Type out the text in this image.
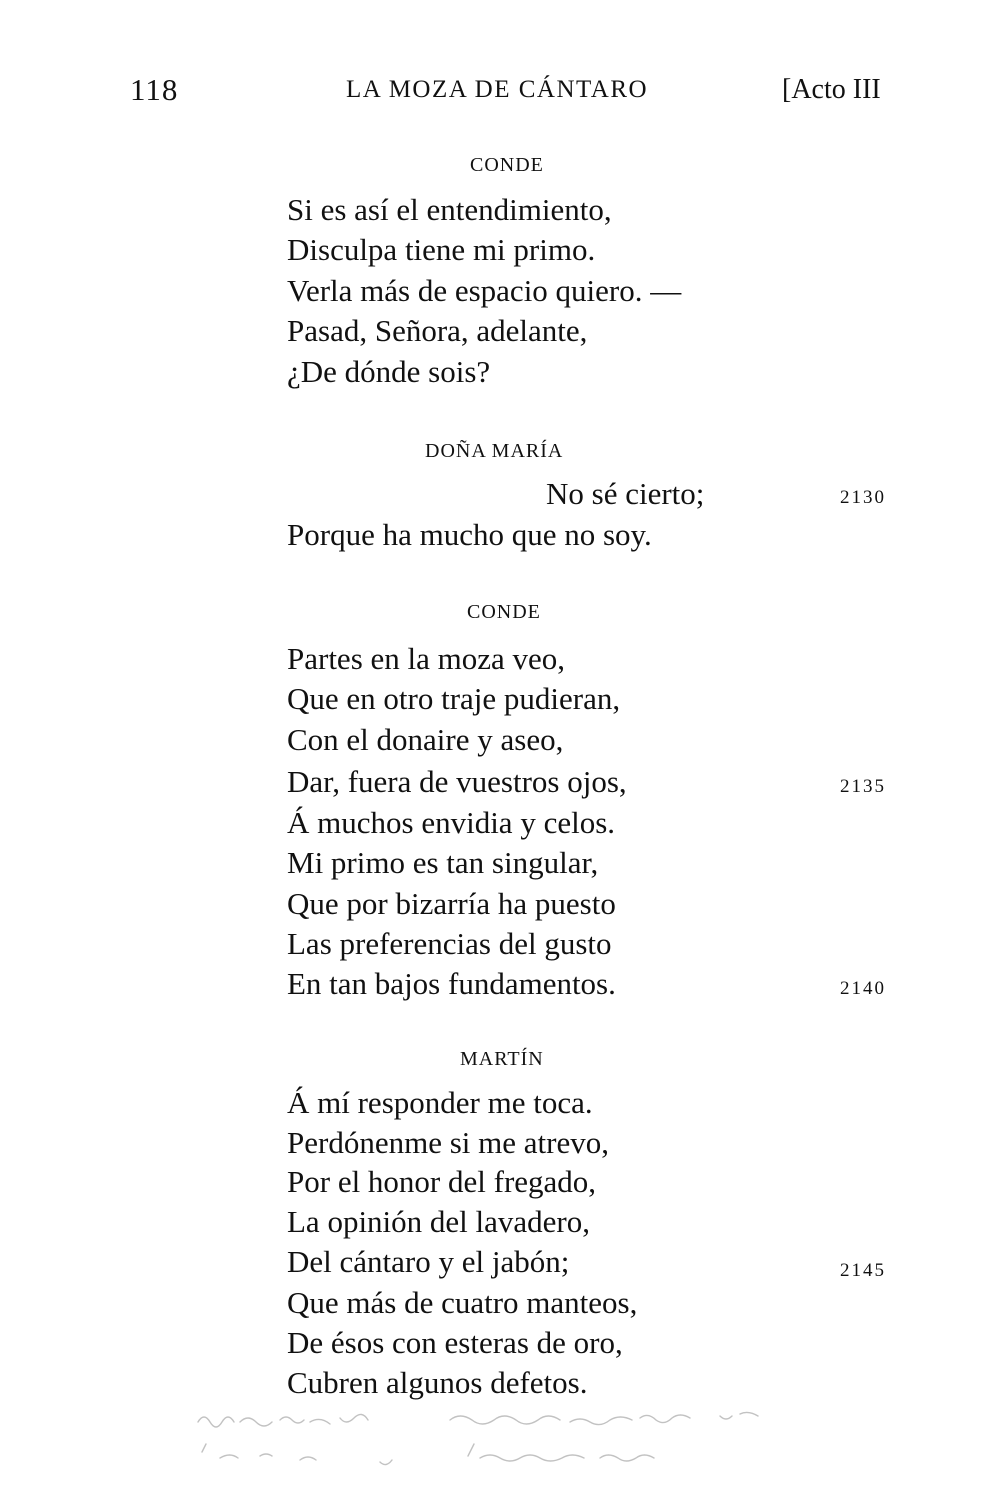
118	LA MOZA DE CÁNTARO	[Acto III
CONDE
Si es así el entendimiento,
Disculpa tiene mi primo.
Verla más de espacio quiero. —
Pasad, Señora, adelante,
¿De dónde sois?
DOÑA MARÍA
No sé cierto;	2130
Porque ha mucho que no soy.
CONDE
Partes en la moza veo,
Que en otro traje pudieran,
Con el donaire y aseo,
Dar, fuera de vuestros ojos,	2135
Á muchos envidia y celos.
Mi primo es tan singular,
Que por bizarría ha puesto
Las preferencias del gusto
En tan bajos fundamentos.	2140
MARTÍN
Á mí responder me toca.
Perdónenme si me atrevo,
Por el honor del fregado,
La opinión del lavadero,
Del cántaro y el jabón;	2145
Que más de cuatro manteos,
De ésos con esteras de oro,
Cubren algunos defetos.
